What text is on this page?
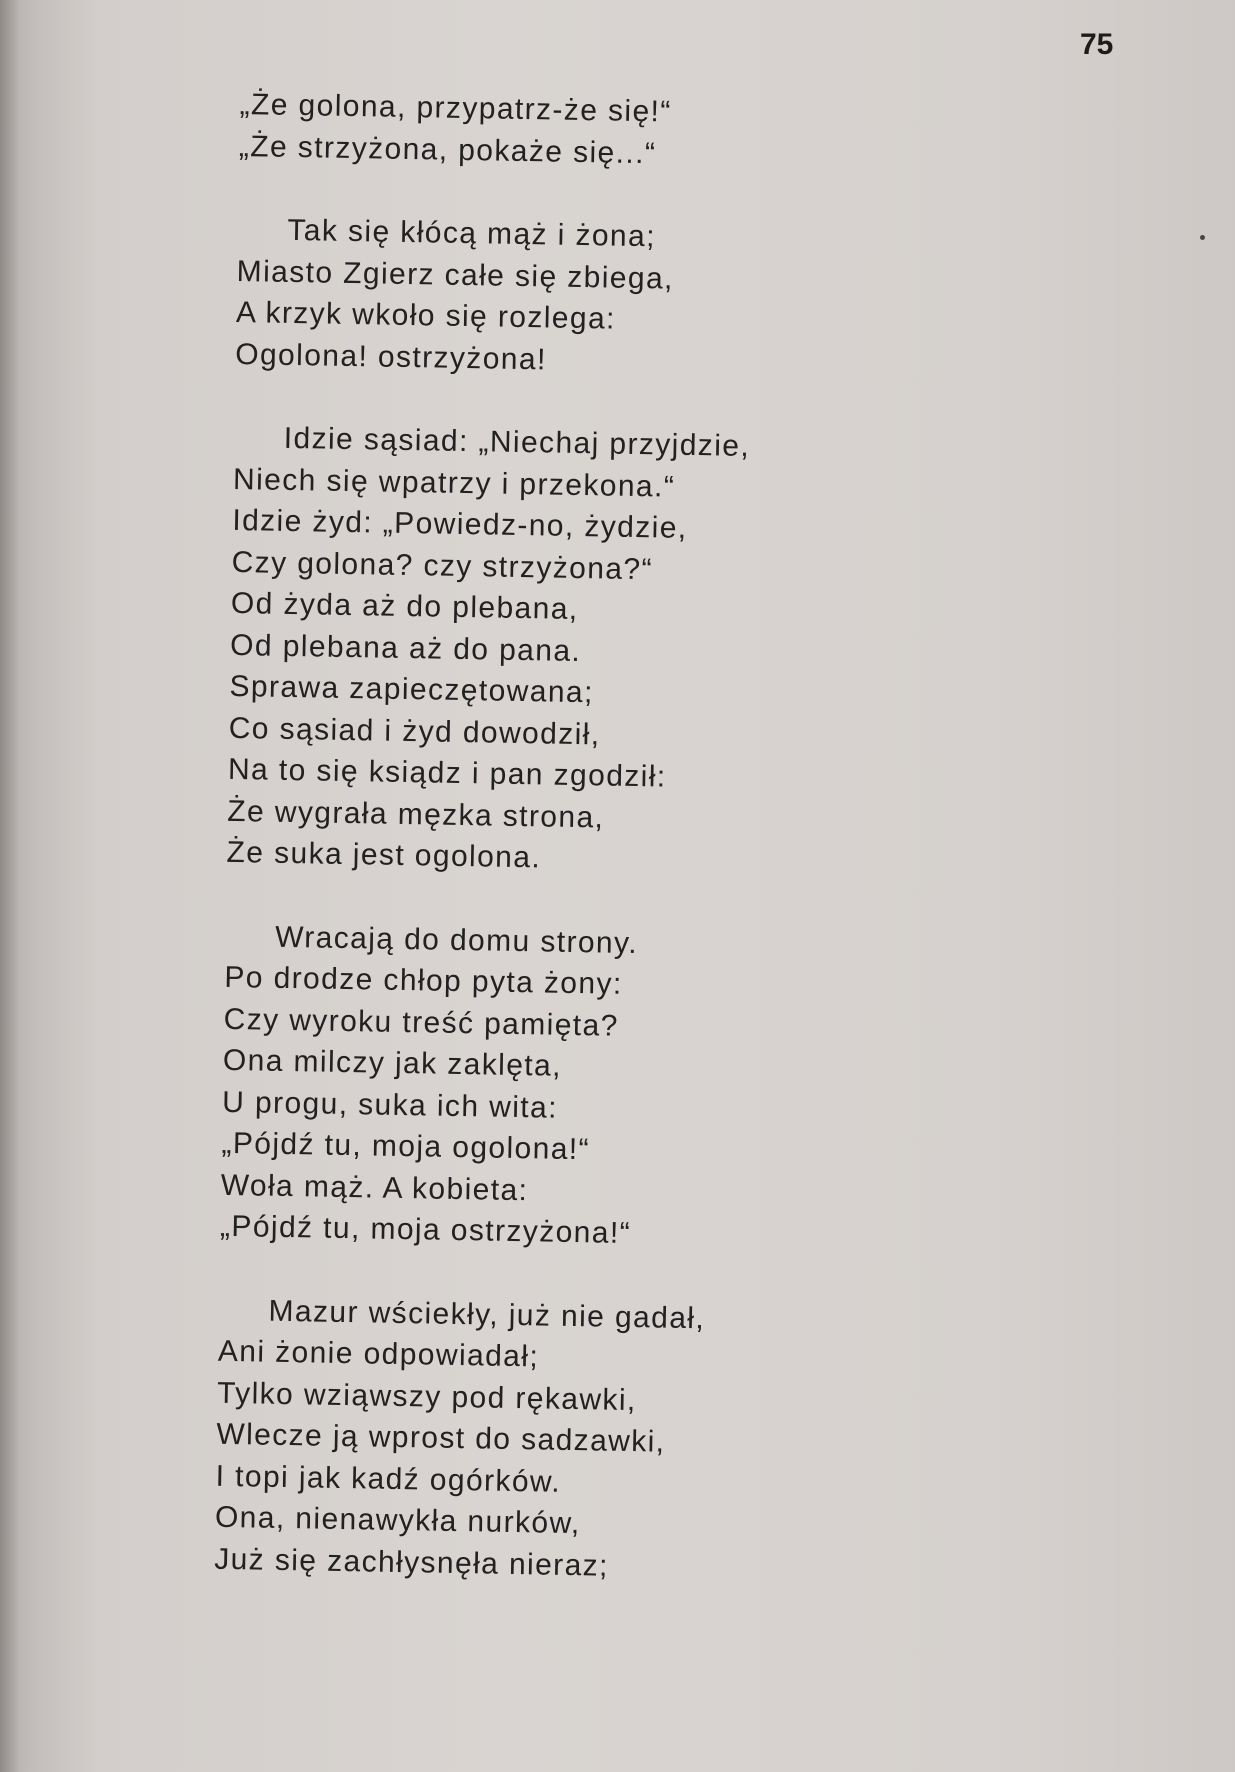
75
„Że golona, przypatrz-że się!“
„Że strzyżona, pokaże się...“
Tak się kłócą mąż i żona;
Miasto Zgierz całe się zbiega,
A krzyk wkoło się rozlega:
Ogolona! ostrzyżona!
Idzie sąsiad: „Niechaj przyjdzie,
Niech się wpatrzy i przekona.“
Idzie żyd: „Powiedz-no, żydzie,
Czy golona? czy strzyżona?“
Od żyda aż do plebana,
Od plebana aż do pana.
Sprawa zapieczętowana;
Co sąsiad i żyd dowodził,
Na to się ksiądz i pan zgodził:
Że wygrała męzka strona,
Że suka jest ogolona.
Wracają do domu strony.
Po drodze chłop pyta żony:
Czy wyroku treść pamięta?
Ona milczy jak zaklęta,
U progu, suka ich wita:
„Pójdź tu, moja ogolona!“
Woła mąż. A kobieta:
„Pójdź tu, moja ostrzyżona!“
Mazur wściekły, już nie gadał,
Ani żonie odpowiadał;
Tylko wziąwszy pod rękawki,
Wlecze ją wprost do sadzawki,
I topi jak kadź ogórków.
Ona, nienawykła nurków,
Już się zachłysnęła nieraz;
